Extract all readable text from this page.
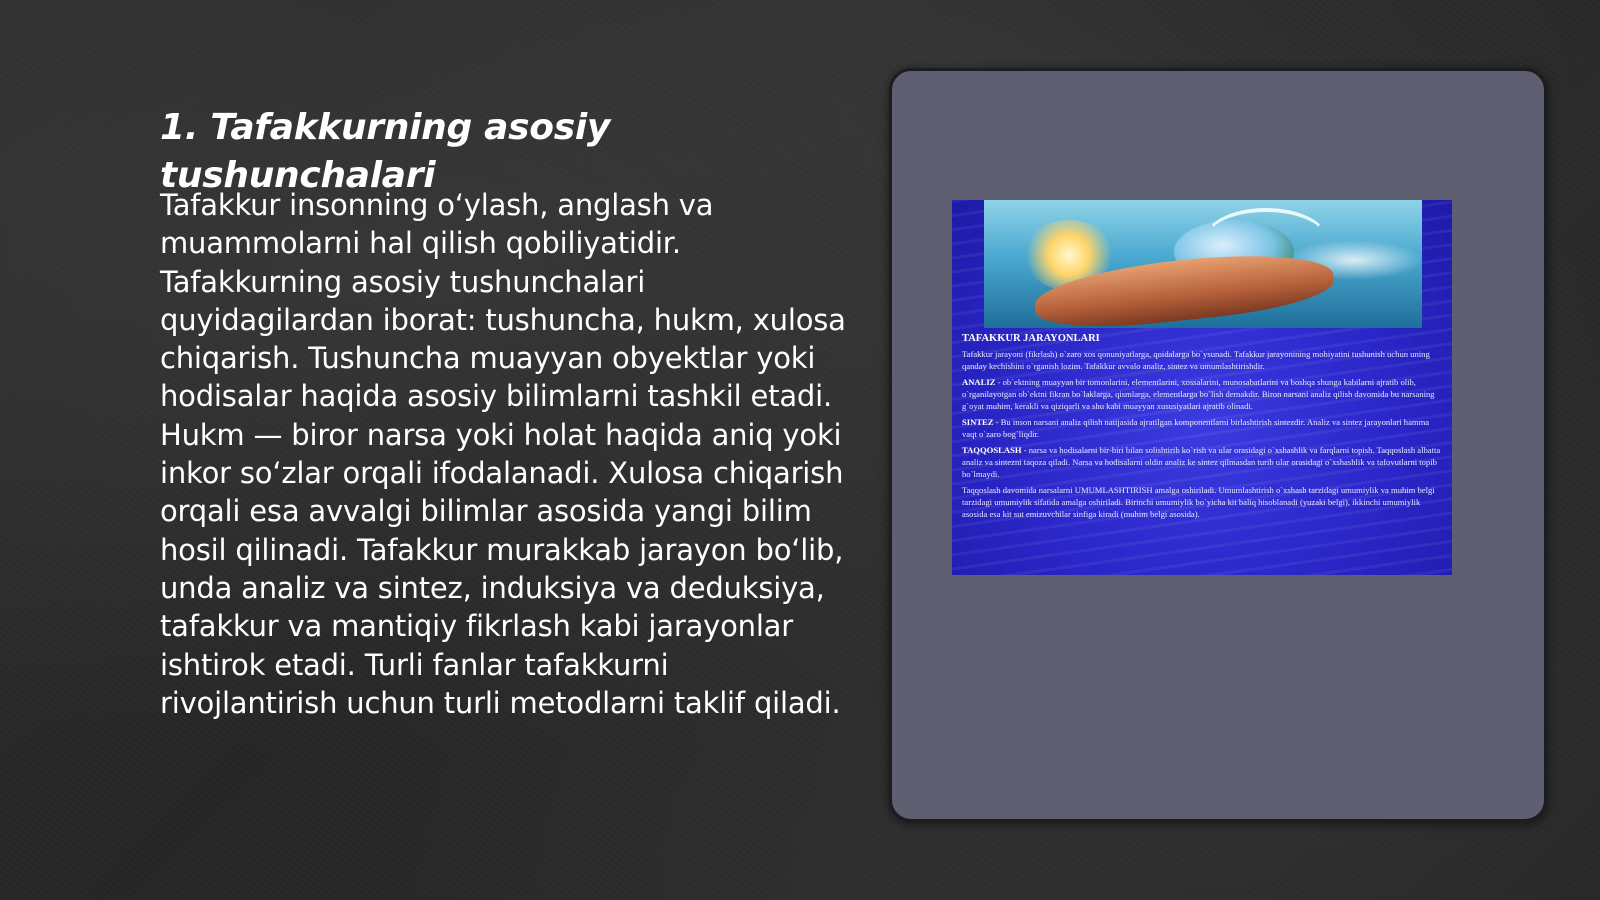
1. Tafakkurning asosiy tushunchalari

Tafakkur insonning o‘ylash, anglash va muammolarni hal qilish qobiliyatidir. Tafakkurning asosiy tushunchalari quyidagilardan iborat: tushuncha, hukm, xulosa chiqarish. Tushuncha muayyan obyektlar yoki hodisalar haqida asosiy bilimlarni tashkil etadi. Hukm — biror narsa yoki holat haqida aniq yoki inkor so‘zlar orqali ifodalanadi. Xulosa chiqarish orqali esa avvalgi bilimlar asosida yangi bilim hosil qilinadi. Tafakkur murakkab jarayon bo‘lib, unda analiz va sintez, induksiya va deduksiya, tafakkur va mantiqiy fikrlash kabi jarayonlar ishtirok etadi. Turli fanlar tafakkurni rivojlantirish uchun turli metodlarni taklif qiladi.

TAFAKKUR JARAYONLARI

Tafakkur jarayoni (fikrlash) o`zaro xos qonuniyatlarga, qoidalarga bo`ysunadi. Tafakkur jarayonining mohiyatini tushunish uchun uning qanday kechishini o`rganish lozim. Tafakkur avvalo analiz, sintez va umumlashtirishdir.

ANALIZ - ob`ektning muayyan bir tomonlarini, elementlarini, xossalarini, munosabatlarini va boshqa shunga kabilarni ajratib olib, o`rganilayotgan ob`ektni fikran bo`laklarga, qismlarga, elementlarga bo`lish demakdir. Biron narsani analiz qilish davomida bu narsaning g`oyat muhim, kerakli va qiziqarli va shu kabi muayyan xususiyatlari ajratib olinadi.

SINTEZ - Bu inson narsani analiz qilish natijasida ajratilgan komponentlarni birlashtirish sintezdir. Analiz va sintez jarayonlari hamma vaqt o`zaro bog`liqdir.

TAQQOSLASH - narsa va hodisalarni bir-biri bilan solishtirib ko`rish va ular orasidagi o`xshashlik va farqlarni topish. Taqqoslash albatta analiz va sintezni taqoza qiladi. Narsa va hodisalarni oldin analiz ke sintez qilmasdan turib ular orasidagi o`xshashlik va tafovutlarni topib bo`lmaydi.

Taqqoslash davomida narsalarni UMUMLASHTIRISH amalga oshiriladi. Umumlashtirish o`xshash tarzidagi umumiylik va muhim belgi tarzidagi umumiylik sifatida amalga oshiriladi. Birinchi umumiylik bo`yicha kit baliq hisoblanadi (yuzaki belgi), ikkinchi umumiylik asosida esa kit sut emizuvchilar sinfiga kiradi (muhim belgi asosida).
